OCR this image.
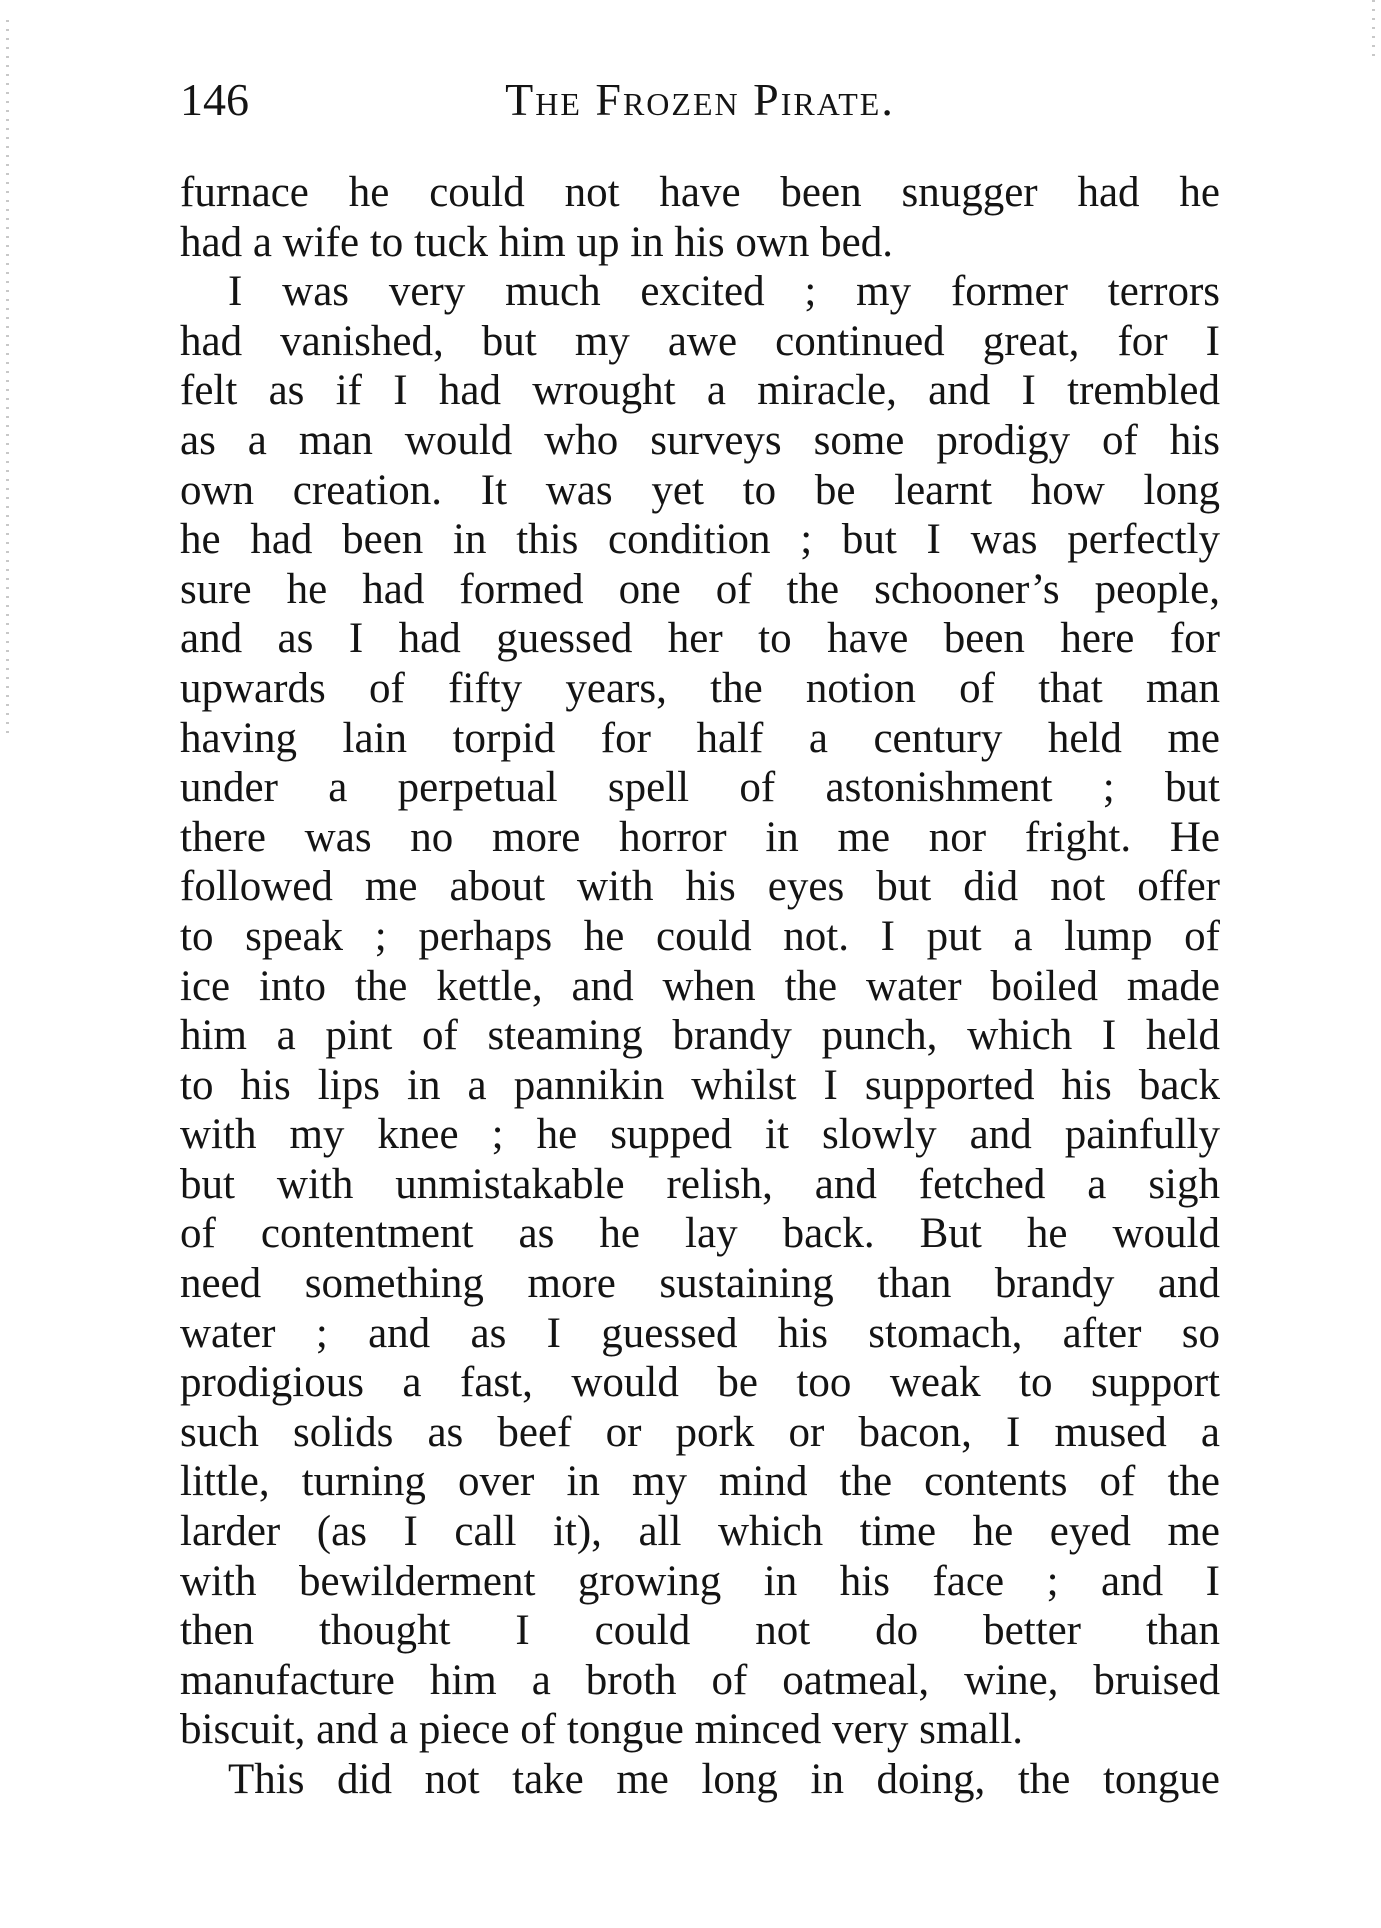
146	The Frozen Pirate.
furnace he could not have been snugger had he
had a wife to tuck him up in his own bed.
I was very much excited ; my former terrors
had vanished, but my awe continued great, for I
felt as if I had wrought a miracle, and I trembled
as a man would who surveys some prodigy of his
own creation. It was yet to be learnt how long
he had been in this condition ; but I was perfectly
sure he had formed one of the schooner’s people,
and as I had guessed her to have been here for
upwards of fifty years, the notion of that man
having lain torpid for half a century held me
under a perpetual spell of astonishment ; but
there was no more horror in me nor fright. He
followed me about with his eyes but did not offer
to speak ; perhaps he could not. I put a lump of
ice into the kettle, and when the water boiled made
him a pint of steaming brandy punch, which I held
to his lips in a pannikin whilst I supported his back
with my knee ; he supped it slowly and painfully
but with unmistakable relish, and fetched a sigh
of contentment as he lay back. But he would
need something more sustaining than brandy and
water ; and as I guessed his stomach, after so
prodigious a fast, would be too weak to support
such solids as beef or pork or bacon, I mused a
little, turning over in my mind the contents of the
larder (as I call it), all which time he eyed me
with bewilderment growing in his face ; and I
then thought I could not do better than
manufacture him a broth of oatmeal, wine, bruised
biscuit, and a piece of tongue minced very small.
This did not take me long in doing, the tongue
